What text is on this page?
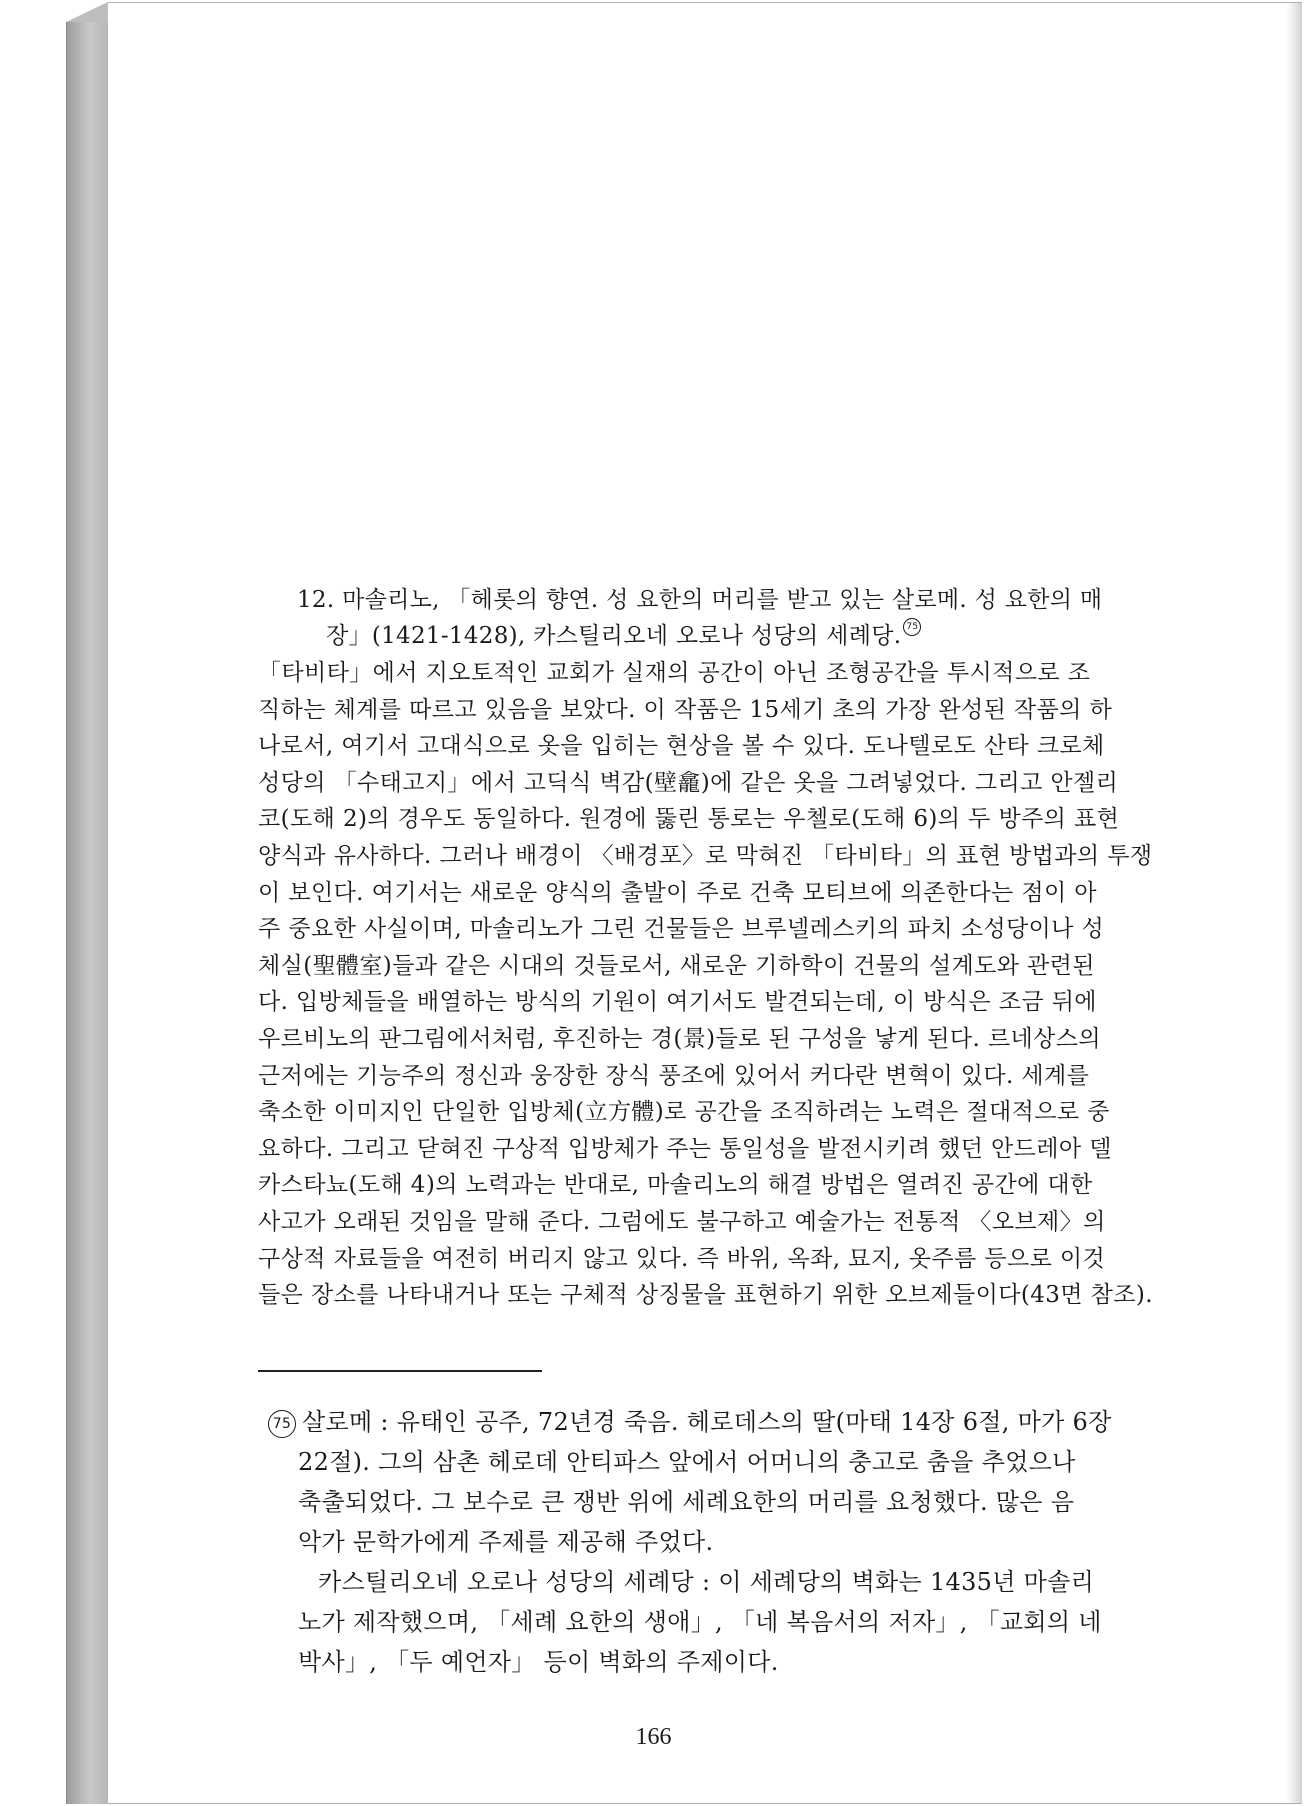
12. 마솔리노, 「헤롯의 향연. 성 요한의 머리를 받고 있는 살로메. 성 요한의 매
장」(1421-1428), 카스틸리오네 오로나 성당의 세례당. 75
「타비타」에서 지오토적인 교회가 실재의 공간이 아닌 조형공간을 투시적으로 조
직하는 체계를 따르고 있음을 보았다. 이 작품은 15세기 초의 가장 완성된 작품의 하
나로서, 여기서 고대식으로 옷을 입히는 현상을 볼 수 있다. 도나텔로도 산타 크로체
성당의 「수태고지」에서 고딕식 벽감(壁龕)에 같은 옷을 그려넣었다. 그리고 안젤리
코(도해 2)의 경우도 동일하다. 원경에 뚫린 통로는 우첼로(도해 6)의 두 방주의 표현
양식과 유사하다. 그러나 배경이 〈배경포〉로 막혀진 「타비타」의 표현 방법과의 투쟁
이 보인다. 여기서는 새로운 양식의 출발이 주로 건축 모티브에 의존한다는 점이 아
주 중요한 사실이며, 마솔리노가 그린 건물들은 브루넬레스키의 파치 소성당이나 성
체실(聖體室)들과 같은 시대의 것들로서, 새로운 기하학이 건물의 설계도와 관련된
다. 입방체들을 배열하는 방식의 기원이 여기서도 발견되는데, 이 방식은 조금 뒤에
우르비노의 판그림에서처럼, 후진하는 경(景)들로 된 구성을 낳게 된다. 르네상스의
근저에는 기능주의 정신과 웅장한 장식 풍조에 있어서 커다란 변혁이 있다. 세계를
축소한 이미지인 단일한 입방체(立方體)로 공간을 조직하려는 노력은 절대적으로 중
요하다. 그리고 닫혀진 구상적 입방체가 주는 통일성을 발전시키려 했던 안드레아 델
카스타뇨(도해 4)의 노력과는 반대로, 마솔리노의 해결 방법은 열려진 공간에 대한
사고가 오래된 것임을 말해 준다. 그럼에도 불구하고 예술가는 전통적 〈오브제〉의
구상적 자료들을 여전히 버리지 않고 있다. 즉 바위, 옥좌, 묘지, 옷주름 등으로 이것
들은 장소를 나타내거나 또는 구체적 상징물을 표현하기 위한 오브제들이다(43면 참조).
75 살로메 : 유태인 공주, 72년경 죽음. 헤로데스의 딸(마태 14장 6절, 마가 6장
22절). 그의 삼촌 헤로데 안티파스 앞에서 어머니의 충고로 춤을 추었으나
축출되었다. 그 보수로 큰 쟁반 위에 세례요한의 머리를 요청했다. 많은 음
악가 문학가에게 주제를 제공해 주었다.
카스틸리오네 오로나 성당의 세례당 : 이 세례당의 벽화는 1435년 마솔리
노가 제작했으며, 「세례 요한의 생애」, 「네 복음서의 저자」, 「교회의 네
박사」, 「두 예언자」 등이 벽화의 주제이다.
166
